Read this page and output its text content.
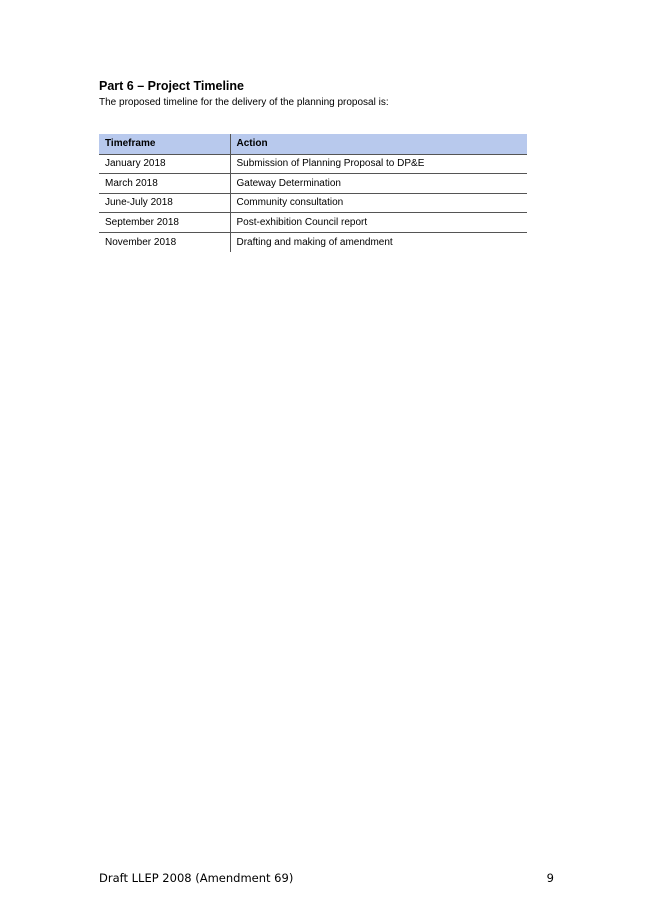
Part 6 – Project Timeline

The proposed timeline for the delivery of the planning proposal is:

Timeframe	Action
January 2018	Submission of Planning Proposal to DP&E
March 2018	Gateway Determination
June-July 2018	Community consultation
September 2018	Post-exhibition Council report
November 2018	Drafting and making of amendment
Draft LLEP 2008 (Amendment 69)	9
